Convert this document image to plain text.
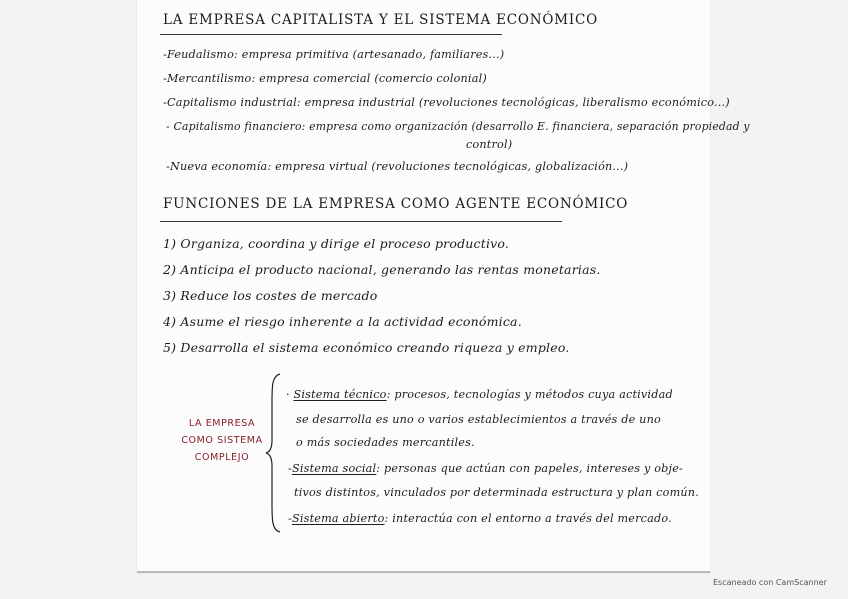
LA EMPRESA CAPITALISTA Y EL SISTEMA ECONÓMICO
-Feudalismo: empresa primitiva (artesanado, familiares...)
-Mercantilismo: empresa comercial (comercio colonial)
-Capitalismo industrial: empresa industrial (revoluciones tecnológicas, liberalismo económico...)
- Capitalismo financiero: empresa como organización (desarrollo E. financiera, separación propiedad y
control)
-Nueva economía: empresa virtual (revoluciones tecnológicas, globalización...)
FUNCIONES DE LA EMPRESA COMO AGENTE ECONÓMICO
1) Organiza, coordina y dirige el proceso productivo.
2) Anticipa el producto nacional, generando las rentas monetarias.
3) Reduce los costes de mercado
4) Asume el riesgo inherente a la actividad económica.
5) Desarrolla el sistema económico creando riqueza y empleo.
LA EMPRESA
COMO SISTEMA
COMPLEJO
· Sistema técnico: procesos, tecnologías y métodos cuya actividad
se desarrolla es uno o varios establecimientos a través de uno
o más sociedades mercantiles.
-Sistema social: personas que actúan con papeles, intereses y obje-
tivos distintos, vinculados por determinada estructura y plan común.
-Sistema abierto: interactúa con el entorno a través del mercado.
Escaneado con CamScanner
